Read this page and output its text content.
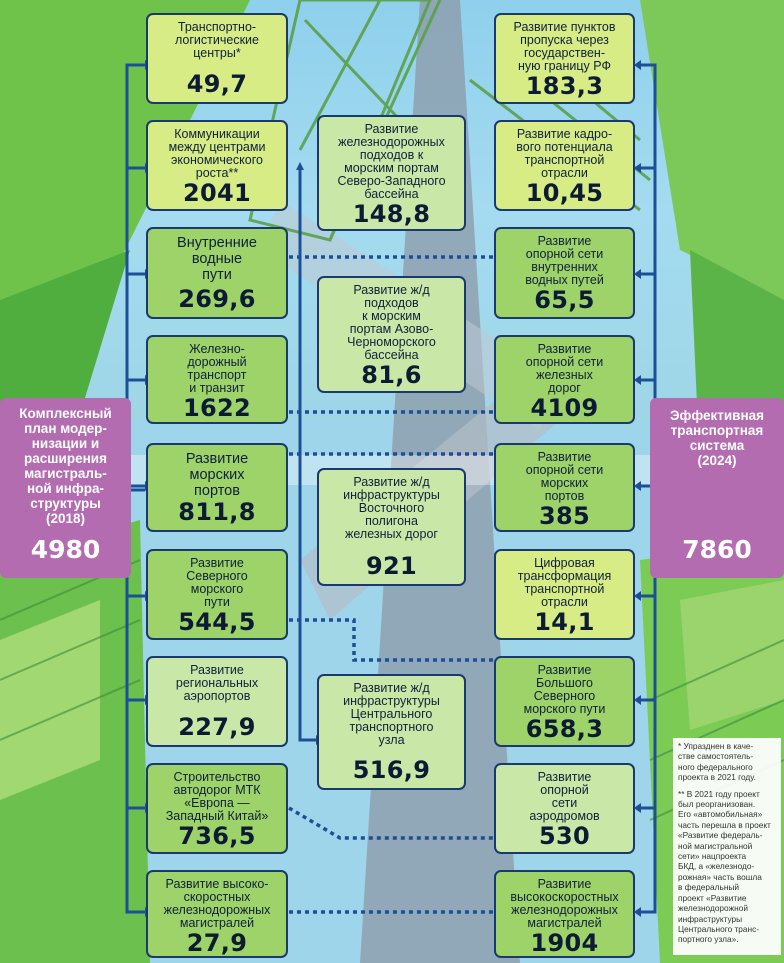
Комплексный
план модер-
низации и
расширения
магистраль-
ной инфра-
структуры
(2018)
4980
Эффективная
транспортная
система
(2024)
7860
Транспортно-
логистические
центры*
49,7
Коммуникации
между центрами
экономического
роста**
2041
Внутренние
водные
пути
269,6
Железно-
дорожный
транспорт
и транзит
1622
Развитие
морских
портов
811,8
Развитие
Северного
морского
пути
544,5
Развитие
региональных
аэропортов
227,9
Строительство
автодорог МТК
«Европа —
Западный Китай»
736,5
Развитие высоко-
скоростных
железнодорожных
магистралей
27,9
Развитие
железнодорожных
подходов к
морским портам
Северо-Западного
бассейна
148,8
Развитие ж/д
подходов
к морским
портам Азово-
Черноморского
бассейна
81,6
Развитие ж/д
инфраструктуры
Восточного
полигона
железных дорог
921
Развитие ж/д
инфраструктуры
Центрального
транспортного
узла
516,9
Развитие пунктов
пропуска через
государствен-
ную границу РФ
183,3
Развитие кадро-
вого потенциала
транспортной
отрасли
10,45
Развитие
опорной сети
внутренних
водных путей
65,5
Развитие
опорной сети
железных
дорог
4109
Развитие
опорной сети
морских
портов
385
Цифровая
трансформация
транспортной
отрасли
14,1
Развитие
Большого
Северного
морского пути
658,3
Развитие
опорной
сети
аэродромов
530
Развитие
высокоскоростных
железнодорожных
магистралей
1904

* Упразднен в каче-
стве самостоятель-
ного федерального
проекта в 2021 году.

** В 2021 году проект
был реорганизован.
Его «автомобильная»
часть перешла в проект
«Развитие федераль-
ной магистральной
сети» нацпроекта
БКД, а «железнодо-
рожная» часть вошла
в федеральный
проект «Развитие
железнодорожной
инфраструктуры
Центрального транс-
портного узла».
